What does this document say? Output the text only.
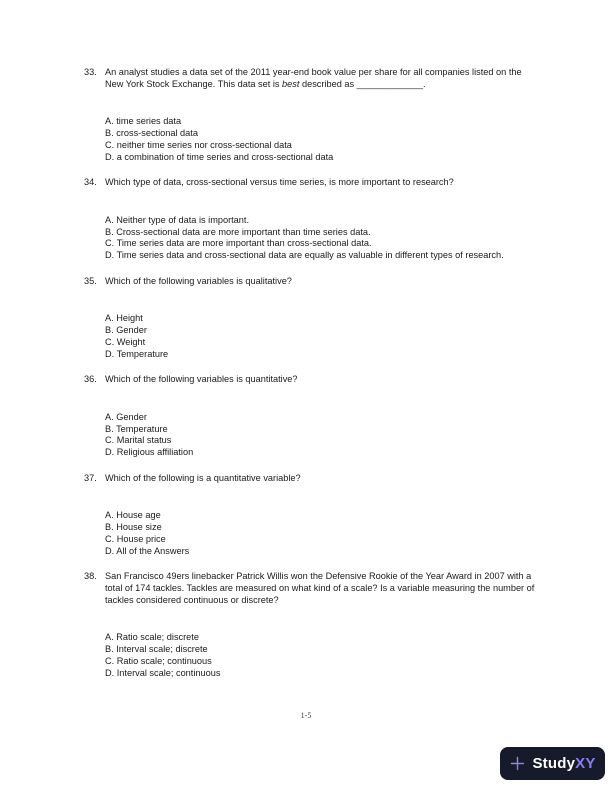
33. An analyst studies a data set of the 2011 year-end book value per share for all companies listed on the New York Stock Exchange. This data set is best described as _____________.
A. time series data
B. cross-sectional data
C. neither time series nor cross-sectional data
D. a combination of time series and cross-sectional data
34. Which type of data, cross-sectional versus time series, is more important to research?
A. Neither type of data is important.
B. Cross-sectional data are more important than time series data.
C. Time series data are more important than cross-sectional data.
D. Time series data and cross-sectional data are equally as valuable in different types of research.
35. Which of the following variables is qualitative?
A. Height
B. Gender
C. Weight
D. Temperature
36. Which of the following variables is quantitative?
A. Gender
B. Temperature
C. Marital status
D. Religious affiliation
37. Which of the following is a quantitative variable?
A. House age
B. House size
C. House price
D. All of the Answers
38. San Francisco 49ers linebacker Patrick Willis won the Defensive Rookie of the Year Award in 2007 with a total of 174 tackles. Tackles are measured on what kind of a scale? Is a variable measuring the number of tackles considered continuous or discrete?
A. Ratio scale; discrete
B. Interval scale; discrete
C. Ratio scale; continuous
D. Interval scale; continuous
1-5
StudyXY
